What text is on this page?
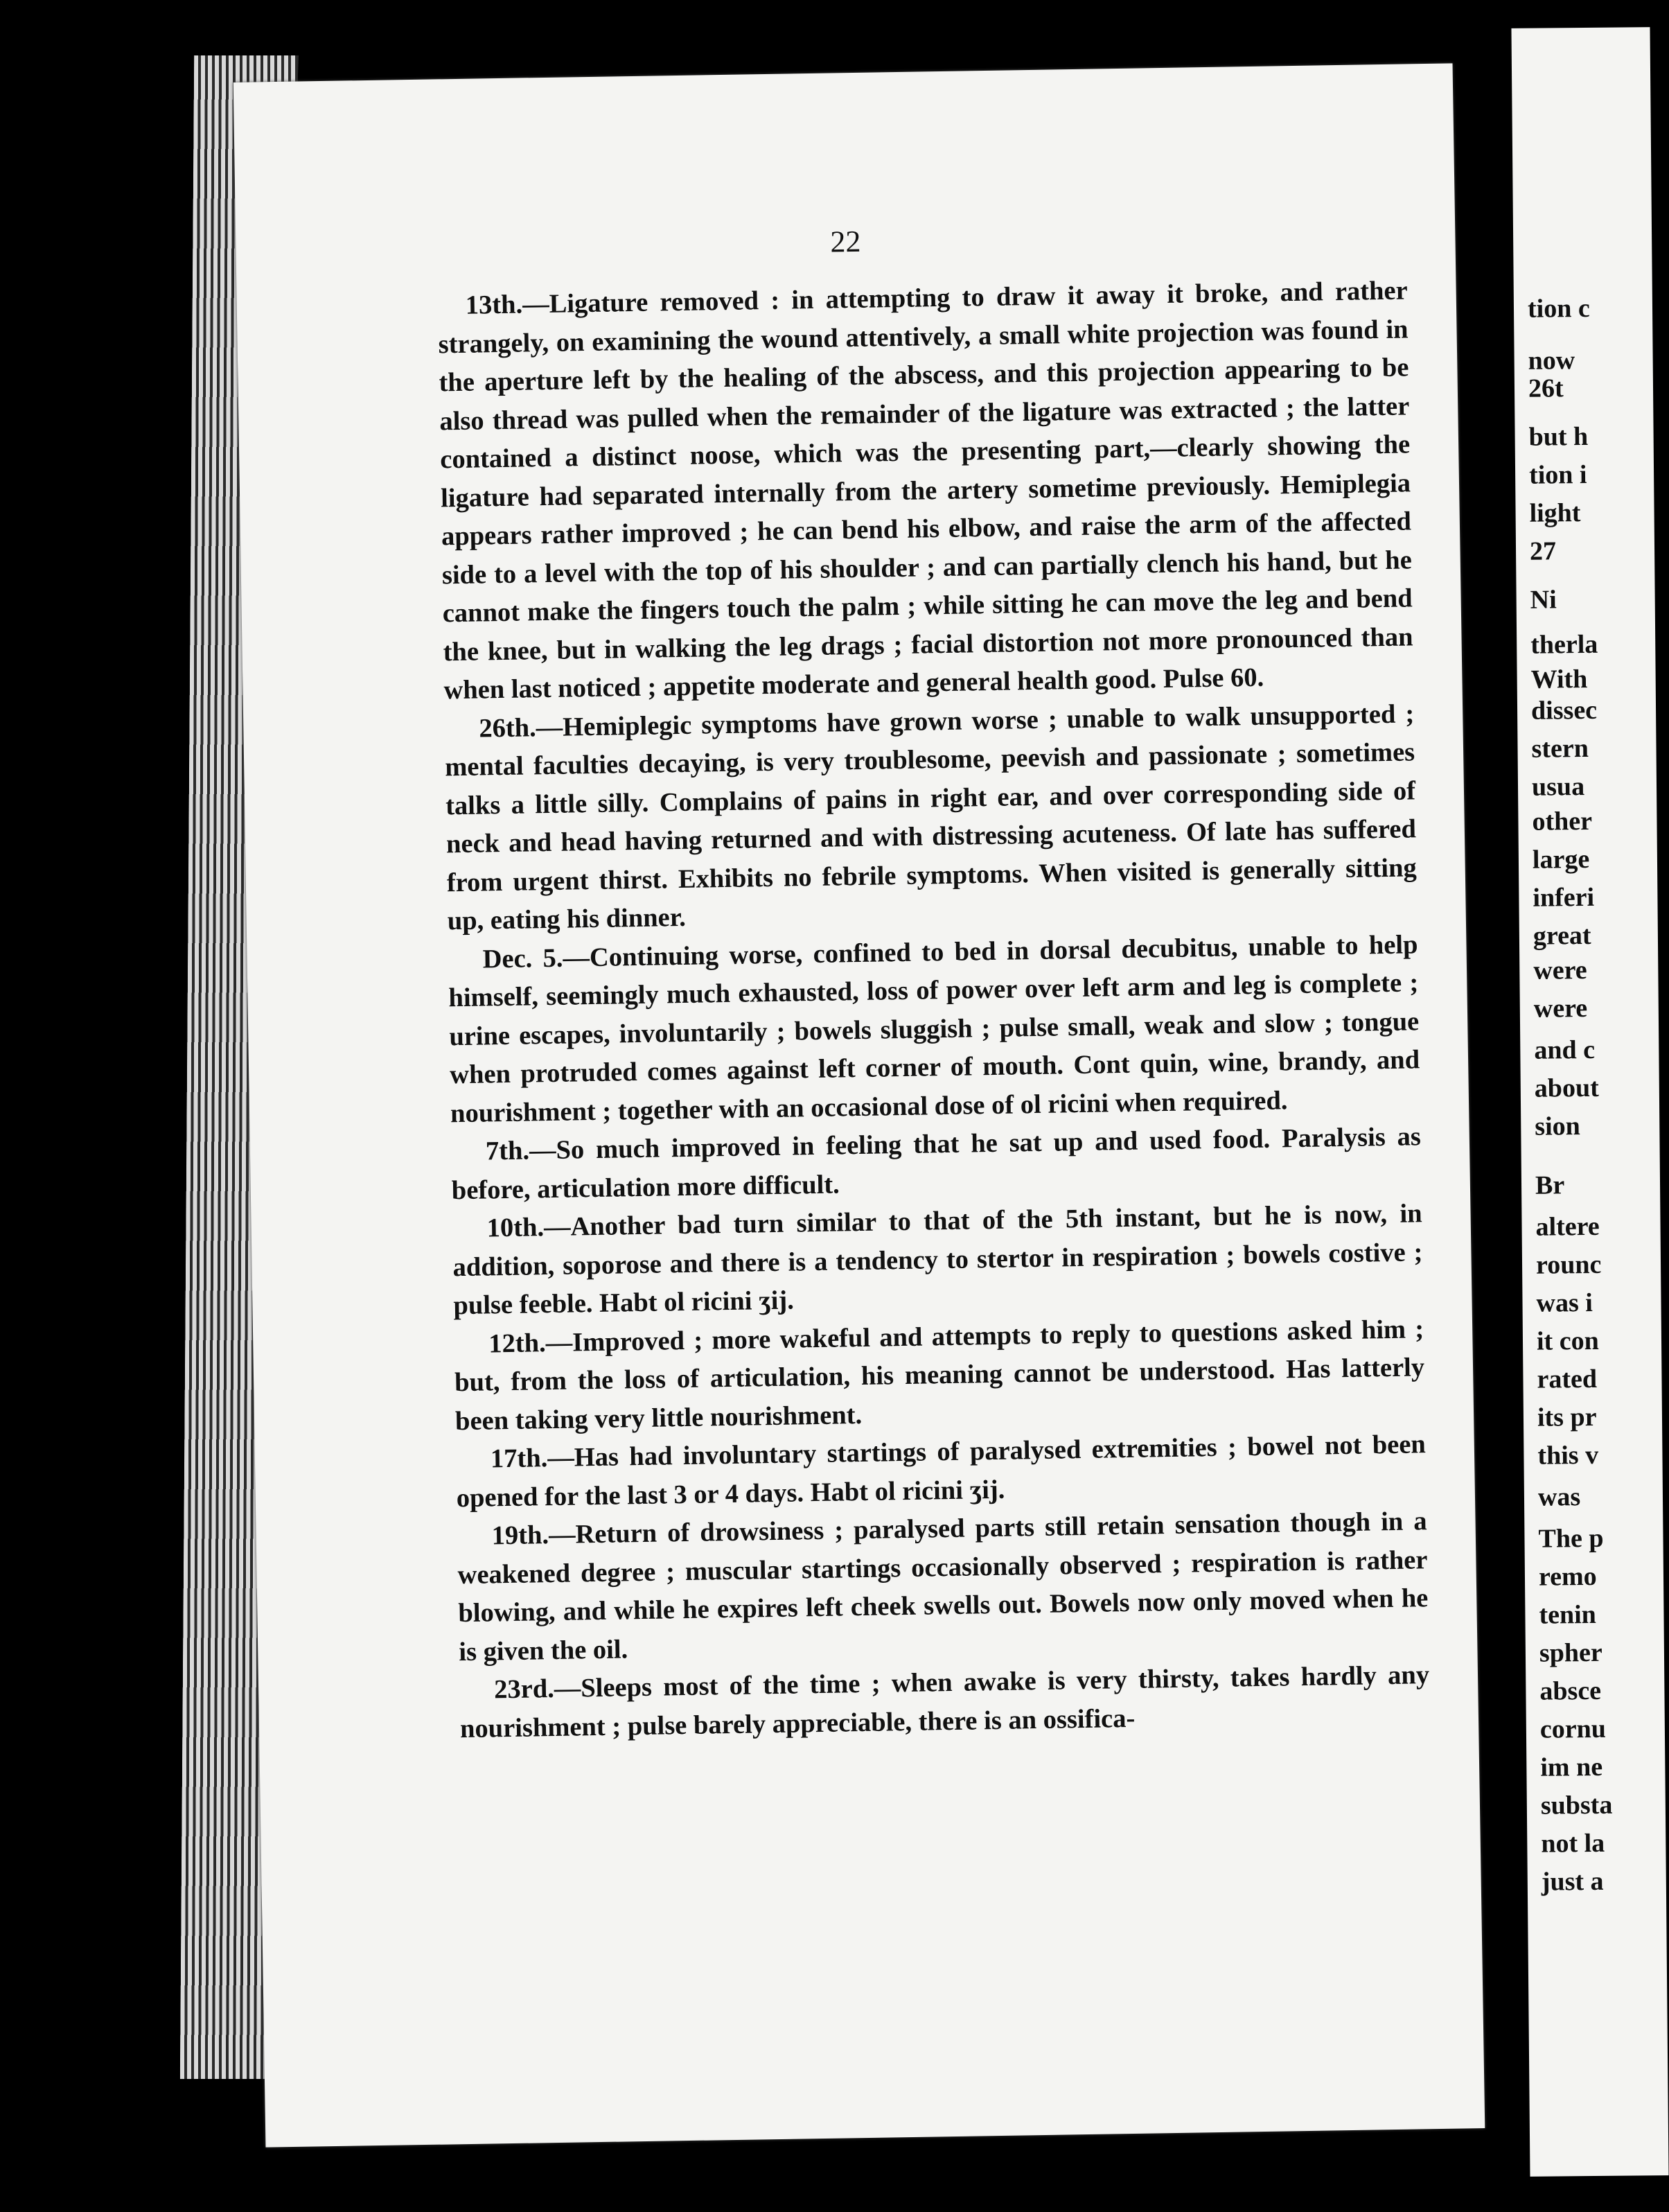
22

13th.—Ligature removed : in attempting to draw it away it broke, and rather strangely, on examining the wound attentively, a small white projection was found in the aperture left by the healing of the abscess, and this projection appearing to be also thread was pulled when the remainder of the ligature was extracted ; the latter contained a distinct noose, which was the presenting part,—clearly showing the ligature had separated internally from the artery sometime previously. Hemiplegia appears rather improved ; he can bend his elbow, and raise the arm of the affected side to a level with the top of his shoulder ; and can partially clench his hand, but he cannot make the fingers touch the palm ; while sitting he can move the leg and bend the knee, but in walking the leg drags ; facial distortion not more pronounced than when last noticed ; appetite moderate and general health good. Pulse 60.

26th.—Hemiplegic symptoms have grown worse ; unable to walk unsupported ; mental faculties decaying, is very troublesome, peevish and passionate ; sometimes talks a little silly. Complains of pains in right ear, and over corresponding side of neck and head having returned and with distressing acuteness. Of late has suffered from urgent thirst. Exhibits no febrile symptoms. When visited is generally sitting up, eating his dinner.

Dec. 5.—Continuing worse, confined to bed in dorsal decubitus, unable to help himself, seemingly much exhausted, loss of power over left arm and leg is complete ; urine escapes, involuntarily ; bowels sluggish ; pulse small, weak and slow ; tongue when protruded comes against left corner of mouth. Cont quin, wine, brandy, and nourishment ; together with an occasional dose of ol ricini when required.

7th.—So much improved in feeling that he sat up and used food. Paralysis as before, articulation more difficult.

10th.—Another bad turn similar to that of the 5th instant, but he is now, in addition, soporose and there is a tendency to stertor in respiration ; bowels costive ; pulse feeble. Habt ol ricini ʒij.

12th.—Improved ; more wakeful and attempts to reply to questions asked him ; but, from the loss of articulation, his meaning cannot be understood. Has latterly been taking very little nourishment.

17th.—Has had involuntary startings of paralysed extremities ; bowel not been opened for the last 3 or 4 days. Habt ol ricini ʒij.

19th.—Return of drowsiness ; paralysed parts still retain sensation though in a weakened degree ; muscular startings occasionally observed ; respiration is rather blowing, and while he expires left cheek swells out. Bowels now only moved when he is given the oil.

23rd.—Sleeps most of the time ; when awake is very thirsty, takes hardly any nourishment ; pulse barely appreciable, there is an ossifica-

tion c
now
26t
but h
tion i
light
27
Ni
therla
With
dissec
stern
usua
other
large
inferi
great
were
were
and c
about
sion
Br
altere
rounc
was i
it con
rated
its pr
this v
was
The p
remo
tenin
spher
absce
cornu
im ne
substa
not la
just a
